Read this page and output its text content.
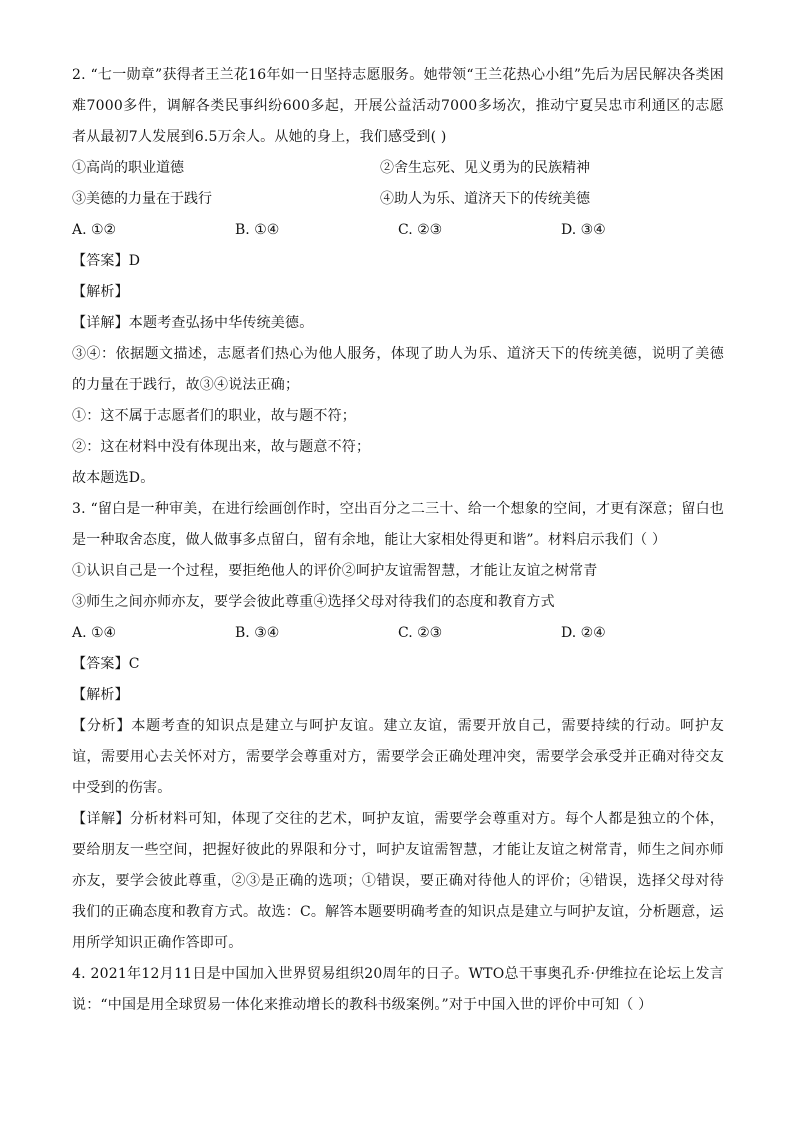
2. “七一勋章”获得者王兰花16年如一日坚持志愿服务。她带领“王兰花热心小组”先后为居民解决各类困难7000多件，调解各类民事纠纷600多起，开展公益活动7000多场次，推动宁夏吴忠市利通区的志愿者从最初7人发展到6.5万余人。从她的身上，我们感受到( )

①高尚的职业道德	②舍生忘死、见义勇为的民族精神
③美德的力量在于践行	④助人为乐、道济天下的传统美德
A. ①②	B. ①④	C. ②③	D. ③④

【答案】D

【解析】

【详解】本题考查弘扬中华传统美德。

③④：依据题文描述，志愿者们热心为他人服务，体现了助人为乐、道济天下的传统美德，说明了美德的力量在于践行，故③④说法正确；

①：这不属于志愿者们的职业，故与题不符；

②：这在材料中没有体现出来，故与题意不符；

故本题选D。

3. “留白是一种审美，在进行绘画创作时，空出百分之二三十、给一个想象的空间，才更有深意；留白也是一种取舍态度，做人做事多点留白，留有余地，能让大家相处得更和谐”。材料启示我们（ ）

①认识自己是一个过程，要拒绝他人的评价②呵护友谊需智慧，才能让友谊之树常青

③师生之间亦师亦友，要学会彼此尊重④选择父母对待我们的态度和教育方式

A. ①④	B. ③④	C. ②③	D. ②④

【答案】C

【解析】

【分析】本题考查的知识点是建立与呵护友谊。建立友谊，需要开放自己，需要持续的行动。呵护友谊，需要用心去关怀对方，需要学会尊重对方，需要学会正确处理冲突，需要学会承受并正确对待交友中受到的伤害。

【详解】分析材料可知，体现了交往的艺术，呵护友谊，需要学会尊重对方。每个人都是独立的个体，要给朋友一些空间，把握好彼此的界限和分寸，呵护友谊需智慧，才能让友谊之树常青，师生之间亦师亦友，要学会彼此尊重，②③是正确的选项；①错误，要正确对待他人的评价；④错误，选择父母对待我们的正确态度和教育方式。故选：C。解答本题要明确考查的知识点是建立与呵护友谊，分析题意，运用所学知识正确作答即可。

4. 2021年12月11日是中国加入世界贸易组织20周年的日子。WTO总干事奥孔乔·伊维拉在论坛上发言说：“中国是用全球贸易一体化来推动增长的教科书级案例。”对于中国入世的评价中可知（ ）
